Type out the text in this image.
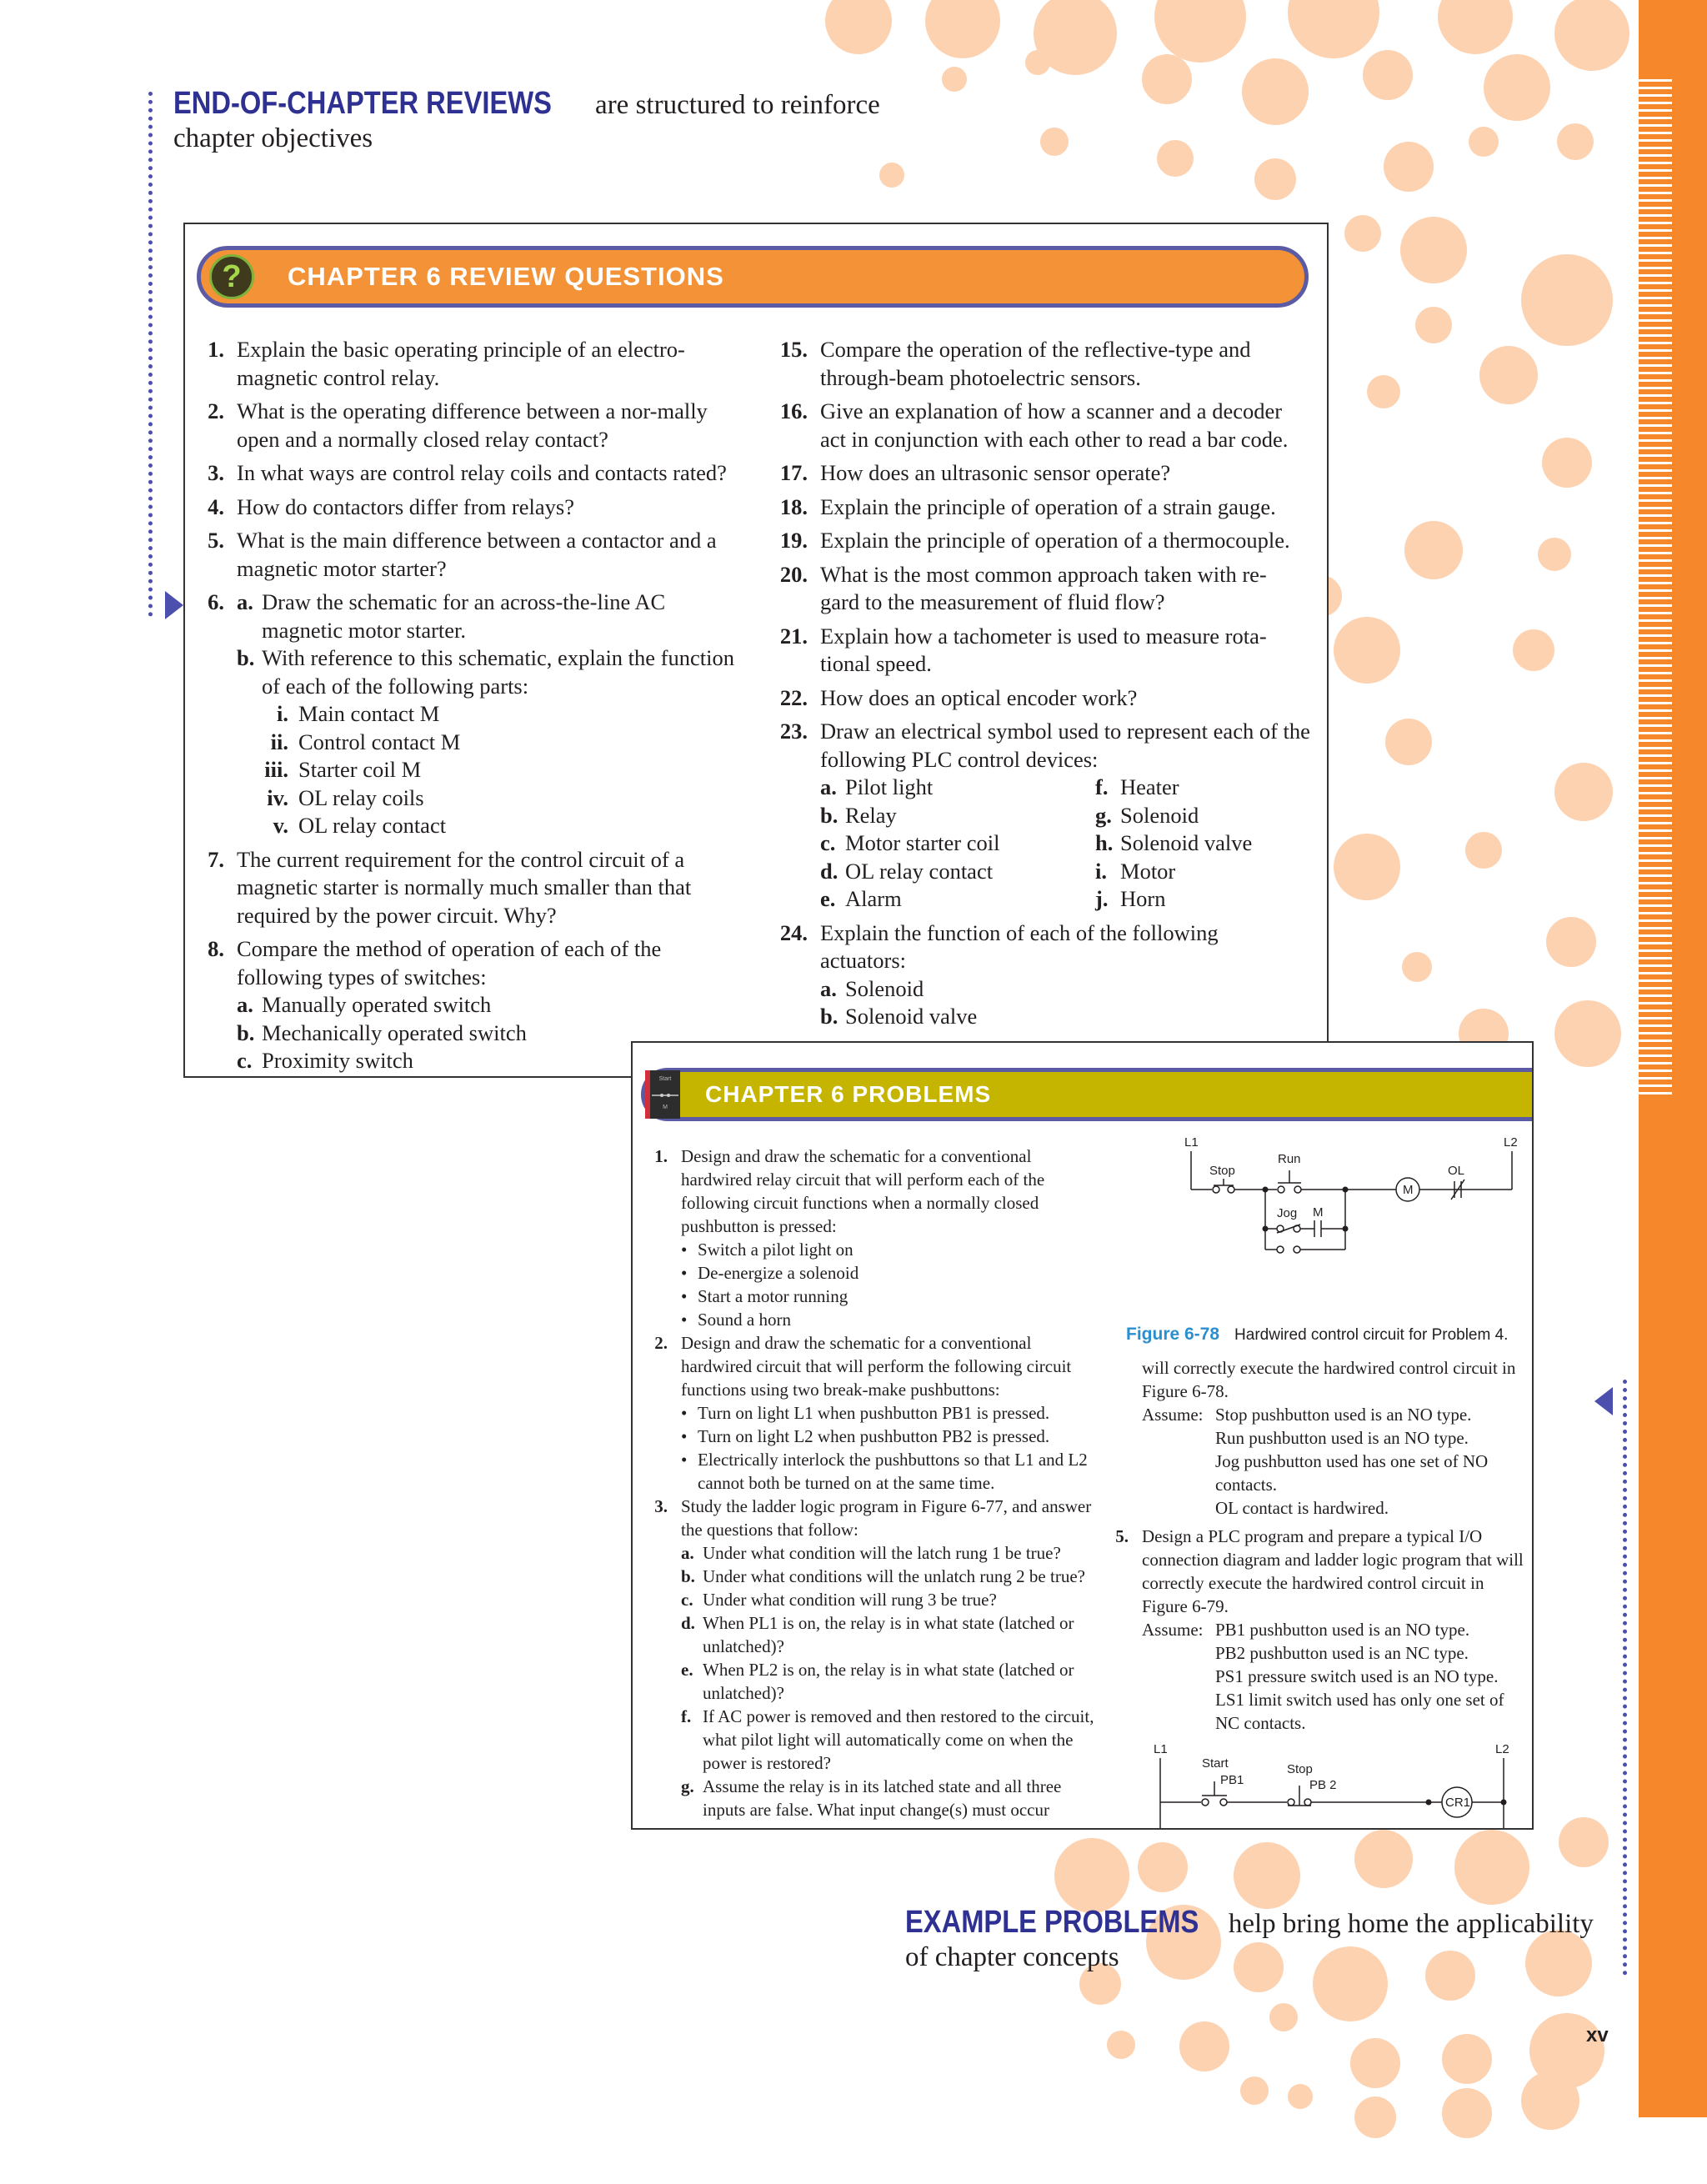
END-OF-CHAPTER REVIEWS are structured to reinforce
chapter objectives
?	CHAPTER 6 REVIEW QUESTIONS
1. Explain the basic operating principle of an electro-magnetic control relay.
2. What is the operating difference between a nor-mally open and a normally closed relay contact?
3. In what ways are control relay coils and contacts rated?
4. How do contactors differ from relays?
5. What is the main difference between a contactor and a magnetic motor starter?
6. a. Draw the schematic for an across-the-line AC magnetic motor starter.
b. With reference to this schematic, explain the function of each of the following parts:
i. Main contact M
ii. Control contact M
iii. Starter coil M
iv. OL relay coils
v. OL relay contact
7. The current requirement for the control circuit of a magnetic starter is normally much smaller than that required by the power circuit. Why?
8. Compare the method of operation of each of the following types of switches:
a. Manually operated switch
b. Mechanically operated switch
c. Proximity switch
15. Compare the operation of the reflective-type and through-beam photoelectric sensors.
16. Give an explanation of how a scanner and a decoder act in conjunction with each other to read a bar code.
17. How does an ultrasonic sensor operate?
18. Explain the principle of operation of a strain gauge.
19. Explain the principle of operation of a thermocouple.
20. What is the most common approach taken with re-gard to the measurement of fluid flow?
21. Explain how a tachometer is used to measure rota-tional speed.
22. How does an optical encoder work?
23. Draw an electrical symbol used to represent each of the following PLC control devices:
a. Pilot light	f. Heater
b. Relay	g. Solenoid
c. Motor starter coil	h. Solenoid valve
d. OL relay contact	i. Motor
e. Alarm	j. Horn
24. Explain the function of each of the following actuators:
a. Solenoid
b. Solenoid valve
Start
M
CHAPTER 6 PROBLEMS
1. Design and draw the schematic for a conventional hardwired relay circuit that will perform each of the following circuit functions when a normally closed pushbutton is pressed:
• Switch a pilot light on
• De-energize a solenoid
• Start a motor running
• Sound a horn
2. Design and draw the schematic for a conventional hardwired circuit that will perform the following circuit functions using two break-make pushbuttons:
• Turn on light L1 when pushbutton PB1 is pressed.
• Turn on light L2 when pushbutton PB2 is pressed.
• Electrically interlock the pushbuttons so that L1 and L2 cannot both be turned on at the same time.
3. Study the ladder logic program in Figure 6-77, and answer the questions that follow:
a. Under what condition will the latch rung 1 be true?
b. Under what conditions will the unlatch rung 2 be true?
c. Under what condition will rung 3 be true?
d. When PL1 is on, the relay is in what state (latched or unlatched)?
e. When PL2 is on, the relay is in what state (latched or unlatched)?
f. If AC power is removed and then restored to the circuit, what pilot light will automatically come on when the power is restored?
g. Assume the relay is in its latched state and all three inputs are false. What input change(s) must occur
L1	L2
Stop
Run
M
OL
Jog M
Figure 6-78 Hardwired control circuit for Problem 4.
will correctly execute the hardwired control circuit in Figure 6-78.
Assume: Stop pushbutton used is an NO type.
Run pushbutton used is an NO type.
Jog pushbutton used has one set of NO contacts.
OL contact is hardwired.
5. Design a PLC program and prepare a typical I/O connection diagram and ladder logic program that will correctly execute the hardwired control circuit in Figure 6-79.
Assume: PB1 pushbutton used is an NO type.
PB2 pushbutton used is an NC type.
PS1 pressure switch used is an NO type.
LS1 limit switch used has only one set of NC contacts.
L1	L2
Start
PB1
Stop
PB 2
CR1
EXAMPLE PROBLEMS help bring home the applicability
of chapter concepts
xv
